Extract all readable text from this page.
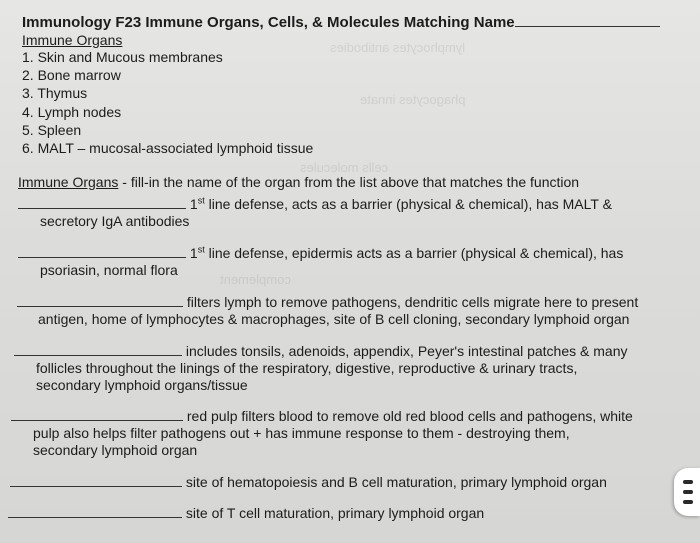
lymphocytes antibodies
phagocytes innate
cells molecules
complement
Immunology F23 Immune Organs, Cells, & Molecules Matching Name
Immune Organs
1. Skin and Mucous membranes
2. Bone marrow
3. Thymus
4. Lymph nodes
5. Spleen
6. MALT – mucosal-associated lymphoid tissue
Immune Organs - fill-in the name of the organ from the list above that matches the function
1st line defense, acts as a barrier (physical & chemical), has MALT &
secretory IgA antibodies
1st line defense, epidermis acts as a barrier (physical & chemical), has
psoriasin, normal flora
filters lymph to remove pathogens, dendritic cells migrate here to present
antigen, home of lymphocytes & macrophages, site of B cell cloning, secondary lymphoid organ
includes tonsils, adenoids, appendix, Peyer's intestinal patches & many
follicles throughout the linings of the respiratory, digestive, reproductive & urinary tracts,
secondary lymphoid organs/tissue
red pulp filters blood to remove old red blood cells and pathogens, white
pulp also helps filter pathogens out + has immune response to them - destroying them,
secondary lymphoid organ
site of hematopoiesis and B cell maturation, primary lymphoid organ
site of T cell maturation, primary lymphoid organ
